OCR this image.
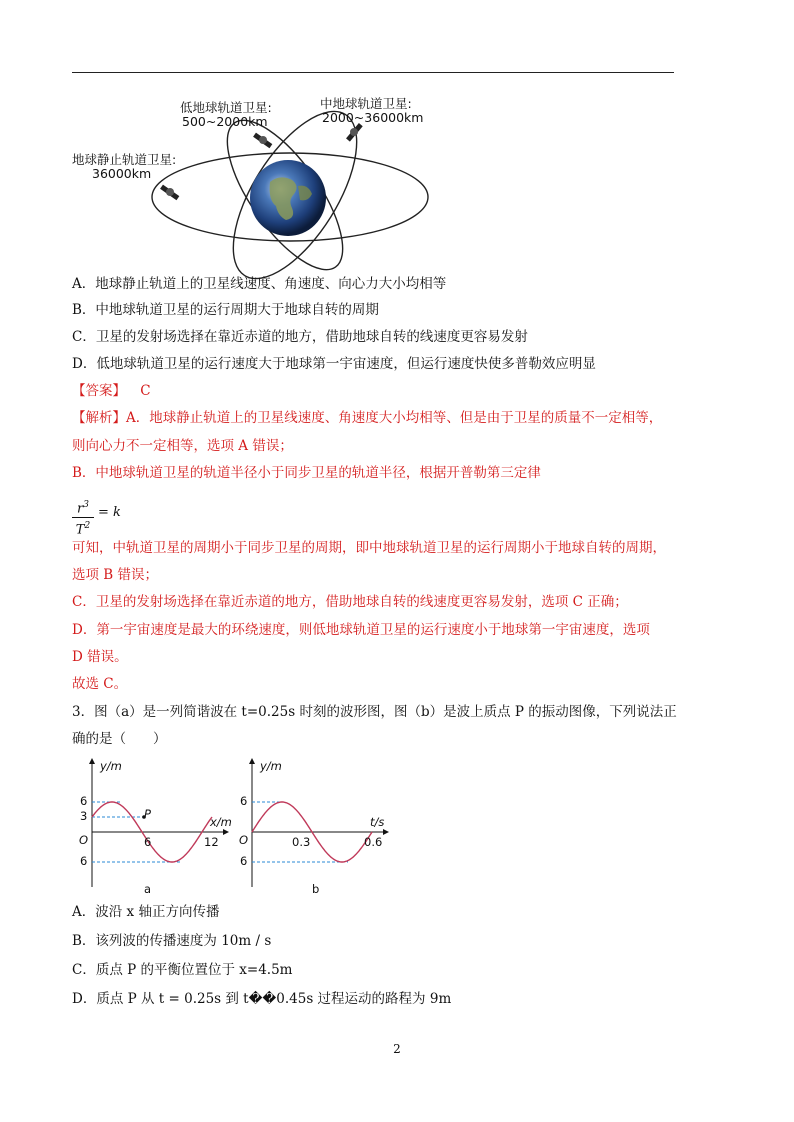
低地球轨道卫星:
500~2000km
中地球轨道卫星:
2000~36000km
地球静止轨道卫星:
36000km
A．地球静止轨道上的卫星线速度、角速度、向心力大小均相等
B．中地球轨道卫星的运行周期大于地球自转的周期
C．卫星的发射场选择在靠近赤道的地方，借助地球自转的线速度更容易发射
D．低地球轨道卫星的运行速度大于地球第一宇宙速度，但运行速度快使多普勒效应明显
【答案】 C
【解析】A．地球静止轨道上的卫星线速度、角速度大小均相等、但是由于卫星的质量不一定相等，
则向心力不一定相等，选项 A 错误；
B．中地球轨道卫星的轨道半径小于同步卫星的轨道半径，根据开普勒第三定律
$r^3$
$T^2$
= k
可知，中轨道卫星的周期小于同步卫星的周期，即中地球轨道卫星的运行周期小于地球自转的周期，
选项 B 错误；
C．卫星的发射场选择在靠近赤道的地方，借助地球自转的线速度更容易发射，选项 C 正确；
D．第一宇宙速度是最大的环绕速度，则低地球轨道卫星的运行速度小于地球第一宇宙速度，选项
D 错误。
故选 C。
3．图（a）是一列简谐波在 t=0.25s 时刻的波形图，图（b）是波上质点 P 的振动图像，下列说法正
确的是（　　）
y/m
x/m
6
3
O
6
6	12
P
a
y/m
t/s
6
O
6
0.3	0.6
b
A．波沿 x 轴正方向传播
B．该列波的传播速度为 10m / s
C．质点 P 的平衡位置位于 x=4.5m
D．质点 P 从 t = 0.25s 到 t��0.45s 过程运动的路程为 9m
2
